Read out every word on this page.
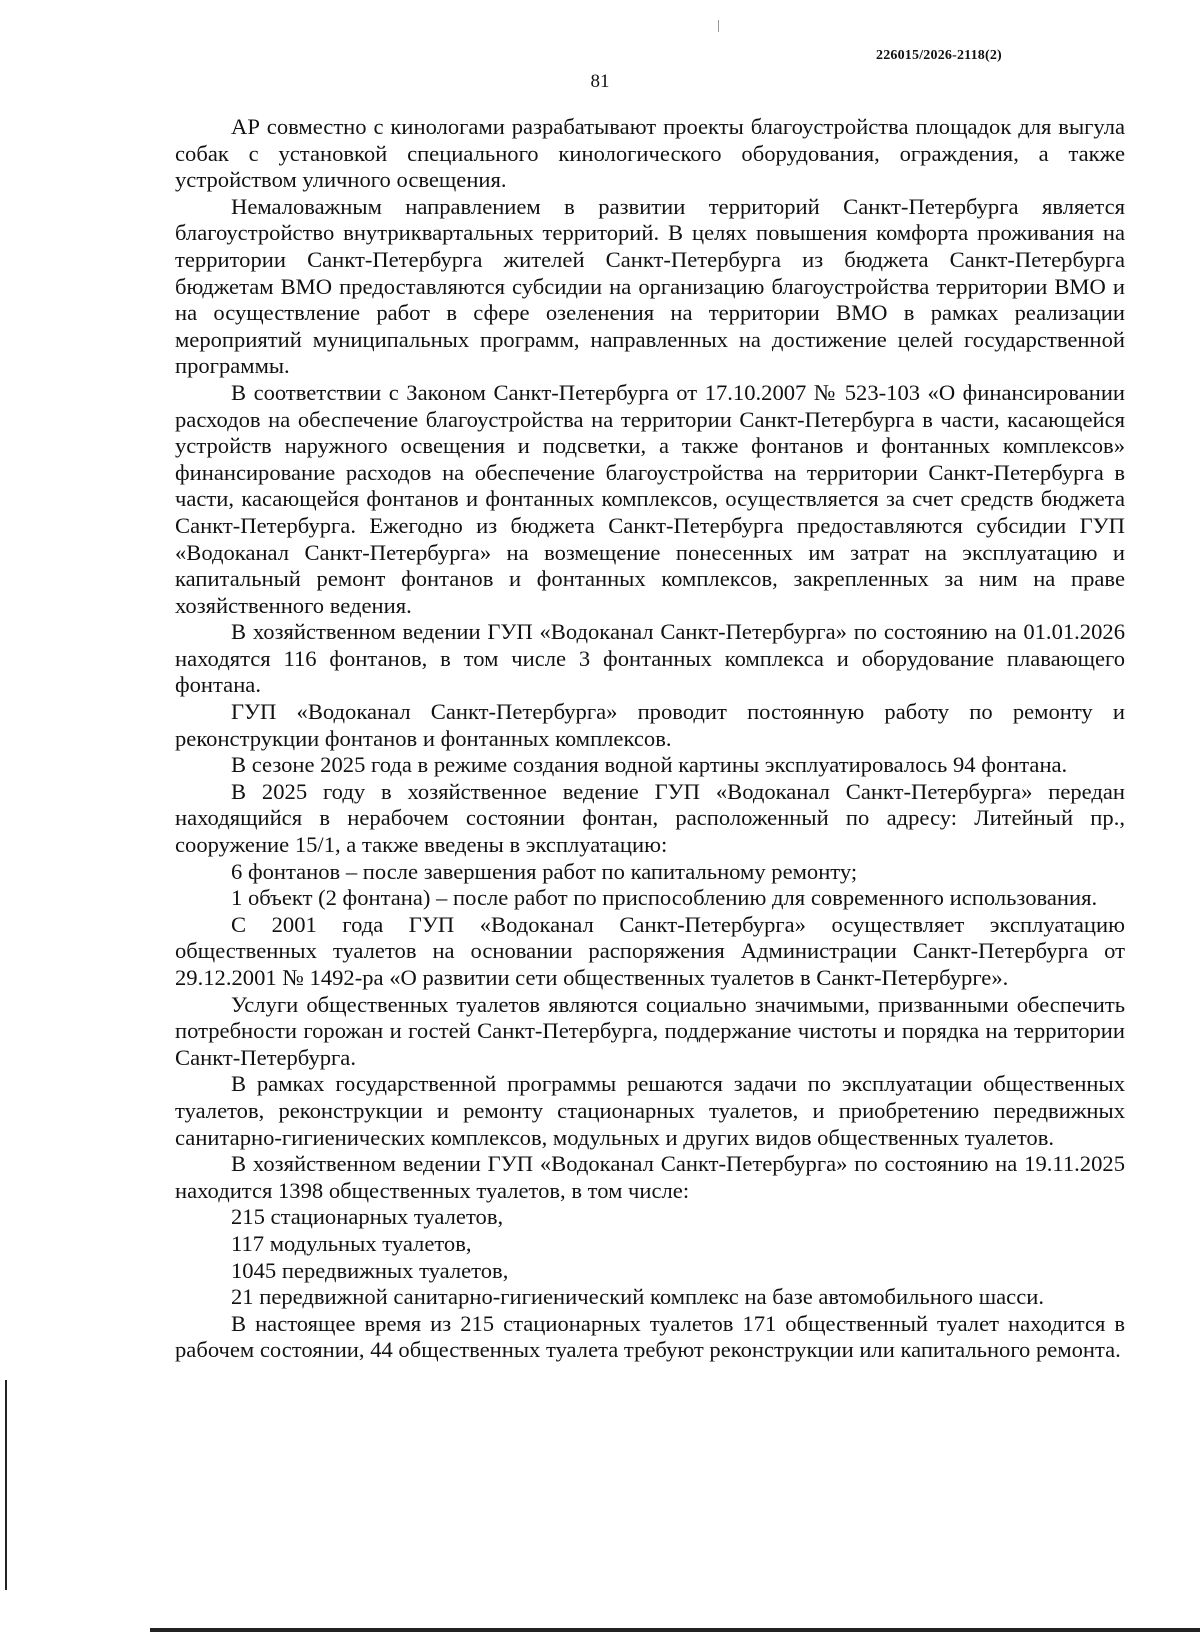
226015/2026-2118(2)
81

АР совместно с кинологами разрабатывают проекты благоустройства площадок для выгула собак с установкой специального кинологического оборудования, ограждения, а также устройством уличного освещения.

Немаловажным направлением в развитии территорий Санкт-Петербурга является благоустройство внутриквартальных территорий. В целях повышения комфорта проживания на территории Санкт-Петербурга жителей Санкт-Петербурга из бюджета Санкт-Петербурга бюджетам ВМО предоставляются субсидии на организацию благоустройства территории ВМО и на осуществление работ в сфере озеленения на территории ВМО в рамках реализации мероприятий муниципальных программ, направленных на достижение целей государственной программы.

В соответствии с Законом Санкт-Петербурга от 17.10.2007 № 523-103 «О финансировании расходов на обеспечение благоустройства на территории Санкт-Петербурга в части, касающейся устройств наружного освещения и подсветки, а также фонтанов и фонтанных комплексов» финансирование расходов на обеспечение благоустройства на территории Санкт-Петербурга в части, касающейся фонтанов и фонтанных комплексов, осуществляется за счет средств бюджета Санкт-Петербурга. Ежегодно из бюджета Санкт-Петербурга предоставляются субсидии ГУП «Водоканал Санкт-Петербурга» на возмещение понесенных им затрат на эксплуатацию и капитальный ремонт фонтанов и фонтанных комплексов, закрепленных за ним на праве хозяйственного ведения.

В хозяйственном ведении ГУП «Водоканал Санкт-Петербурга» по состоянию на 01.01.2026 находятся 116 фонтанов, в том числе 3 фонтанных комплекса и оборудование плавающего фонтана.

ГУП «Водоканал Санкт-Петербурга» проводит постоянную работу по ремонту и реконструкции фонтанов и фонтанных комплексов.

В сезоне 2025 года в режиме создания водной картины эксплуатировалось 94 фонтана.

В 2025 году в хозяйственное ведение ГУП «Водоканал Санкт-Петербурга» передан находящийся в нерабочем состоянии фонтан, расположенный по адресу: Литейный пр., сооружение 15/1, а также введены в эксплуатацию:

6 фонтанов – после завершения работ по капитальному ремонту;

1 объект (2 фонтана) – после работ по приспособлению для современного использования.

С 2001 года ГУП «Водоканал Санкт-Петербурга» осуществляет эксплуатацию общественных туалетов на основании распоряжения Администрации Санкт-Петербурга от 29.12.2001 № 1492-ра «О развитии сети общественных туалетов в Санкт-Петербурге».

Услуги общественных туалетов являются социально значимыми, призванными обеспечить потребности горожан и гостей Санкт-Петербурга, поддержание чистоты и порядка на территории Санкт-Петербурга.

В рамках государственной программы решаются задачи по эксплуатации общественных туалетов, реконструкции и ремонту стационарных туалетов, и приобретению передвижных санитарно-гигиенических комплексов, модульных и других видов общественных туалетов.

В хозяйственном ведении ГУП «Водоканал Санкт-Петербурга» по состоянию на 19.11.2025 находится 1398 общественных туалетов, в том числе:

215 стационарных туалетов,

117 модульных туалетов,

1045 передвижных туалетов,

21 передвижной санитарно-гигиенический комплекс на базе автомобильного шасси.

В настоящее время из 215 стационарных туалетов 171 общественный туалет находится в рабочем состоянии, 44 общественных туалета требуют реконструкции или капитального ремонта.
